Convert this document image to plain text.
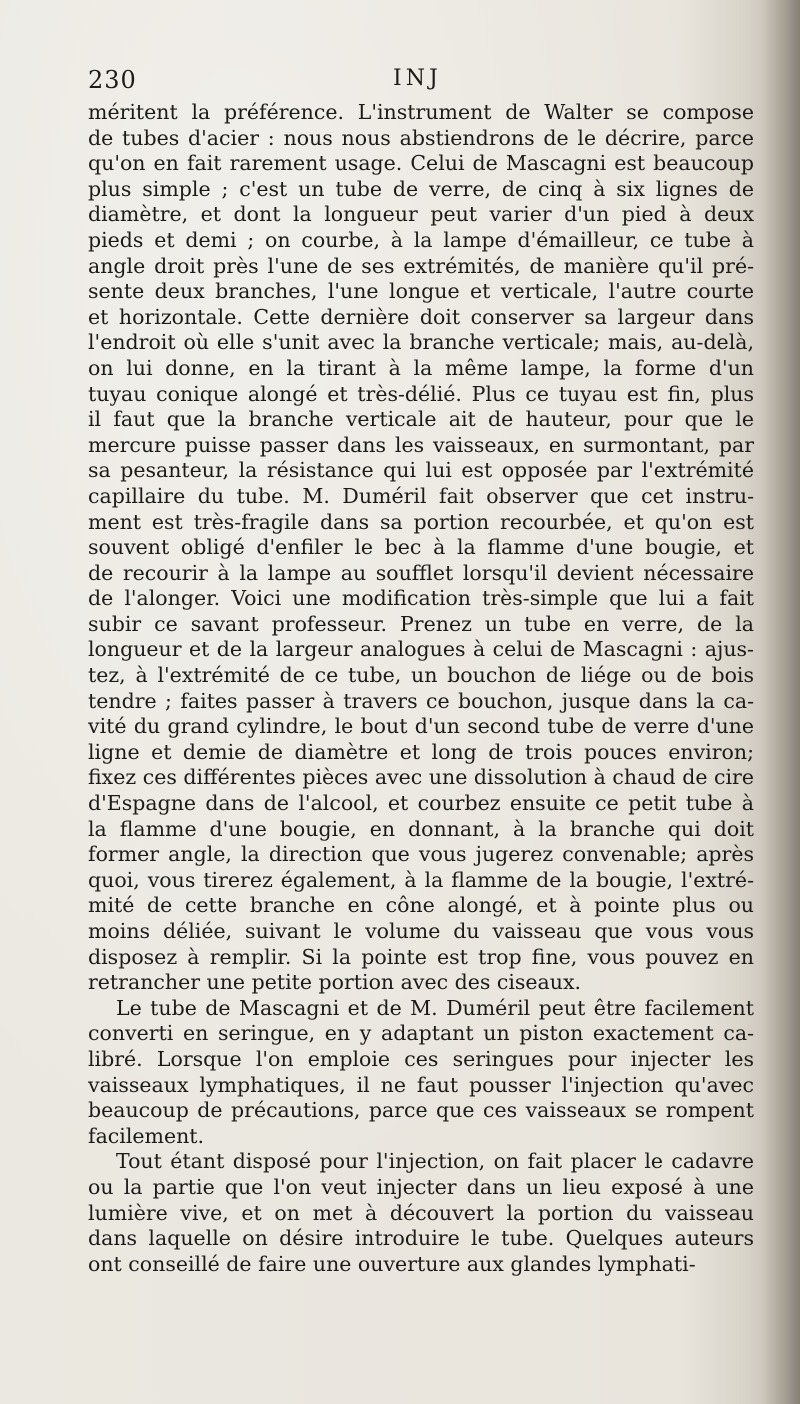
230	INJ
méritent la préférence. L'instrument de Walter se compose
de tubes d'acier : nous nous abstiendrons de le décrire, parce
qu'on en fait rarement usage. Celui de Mascagni est beaucoup
plus simple ; c'est un tube de verre, de cinq à six lignes de
diamètre, et dont la longueur peut varier d'un pied à deux
pieds et demi ; on courbe, à la lampe d'émailleur, ce tube à
angle droit près l'une de ses extrémités, de manière qu'il pré-
sente deux branches, l'une longue et verticale, l'autre courte
et horizontale. Cette dernière doit conserver sa largeur dans
l'endroit où elle s'unit avec la branche verticale; mais, au-delà,
on lui donne, en la tirant à la même lampe, la forme d'un
tuyau conique alongé et très-délié. Plus ce tuyau est fin, plus
il faut que la branche verticale ait de hauteur, pour que le
mercure puisse passer dans les vaisseaux, en surmontant, par
sa pesanteur, la résistance qui lui est opposée par l'extrémité
capillaire du tube. M. Duméril fait observer que cet instru-
ment est très-fragile dans sa portion recourbée, et qu'on est
souvent obligé d'enfiler le bec à la flamme d'une bougie, et
de recourir à la lampe au soufflet lorsqu'il devient nécessaire
de l'alonger. Voici une modification très-simple que lui a fait
subir ce savant professeur. Prenez un tube en verre, de la
longueur et de la largeur analogues à celui de Mascagni : ajus-
tez, à l'extrémité de ce tube, un bouchon de liége ou de bois
tendre ; faites passer à travers ce bouchon, jusque dans la ca-
vité du grand cylindre, le bout d'un second tube de verre d'une
ligne et demie de diamètre et long de trois pouces environ;
fixez ces différentes pièces avec une dissolution à chaud de cire
d'Espagne dans de l'alcool, et courbez ensuite ce petit tube à
la flamme d'une bougie, en donnant, à la branche qui doit
former angle, la direction que vous jugerez convenable; après
quoi, vous tirerez également, à la flamme de la bougie, l'extré-
mité de cette branche en cône alongé, et à pointe plus ou
moins déliée, suivant le volume du vaisseau que vous vous
disposez à remplir. Si la pointe est trop fine, vous pouvez en
retrancher une petite portion avec des ciseaux.
Le tube de Mascagni et de M. Duméril peut être facilement
converti en seringue, en y adaptant un piston exactement ca-
libré. Lorsque l'on emploie ces seringues pour injecter les
vaisseaux lymphatiques, il ne faut pousser l'injection qu'avec
beaucoup de précautions, parce que ces vaisseaux se rompent
facilement.
Tout étant disposé pour l'injection, on fait placer le cadavre
ou la partie que l'on veut injecter dans un lieu exposé à une
lumière vive, et on met à découvert la portion du vaisseau
dans laquelle on désire introduire le tube. Quelques auteurs
ont conseillé de faire une ouverture aux glandes lymphati-
